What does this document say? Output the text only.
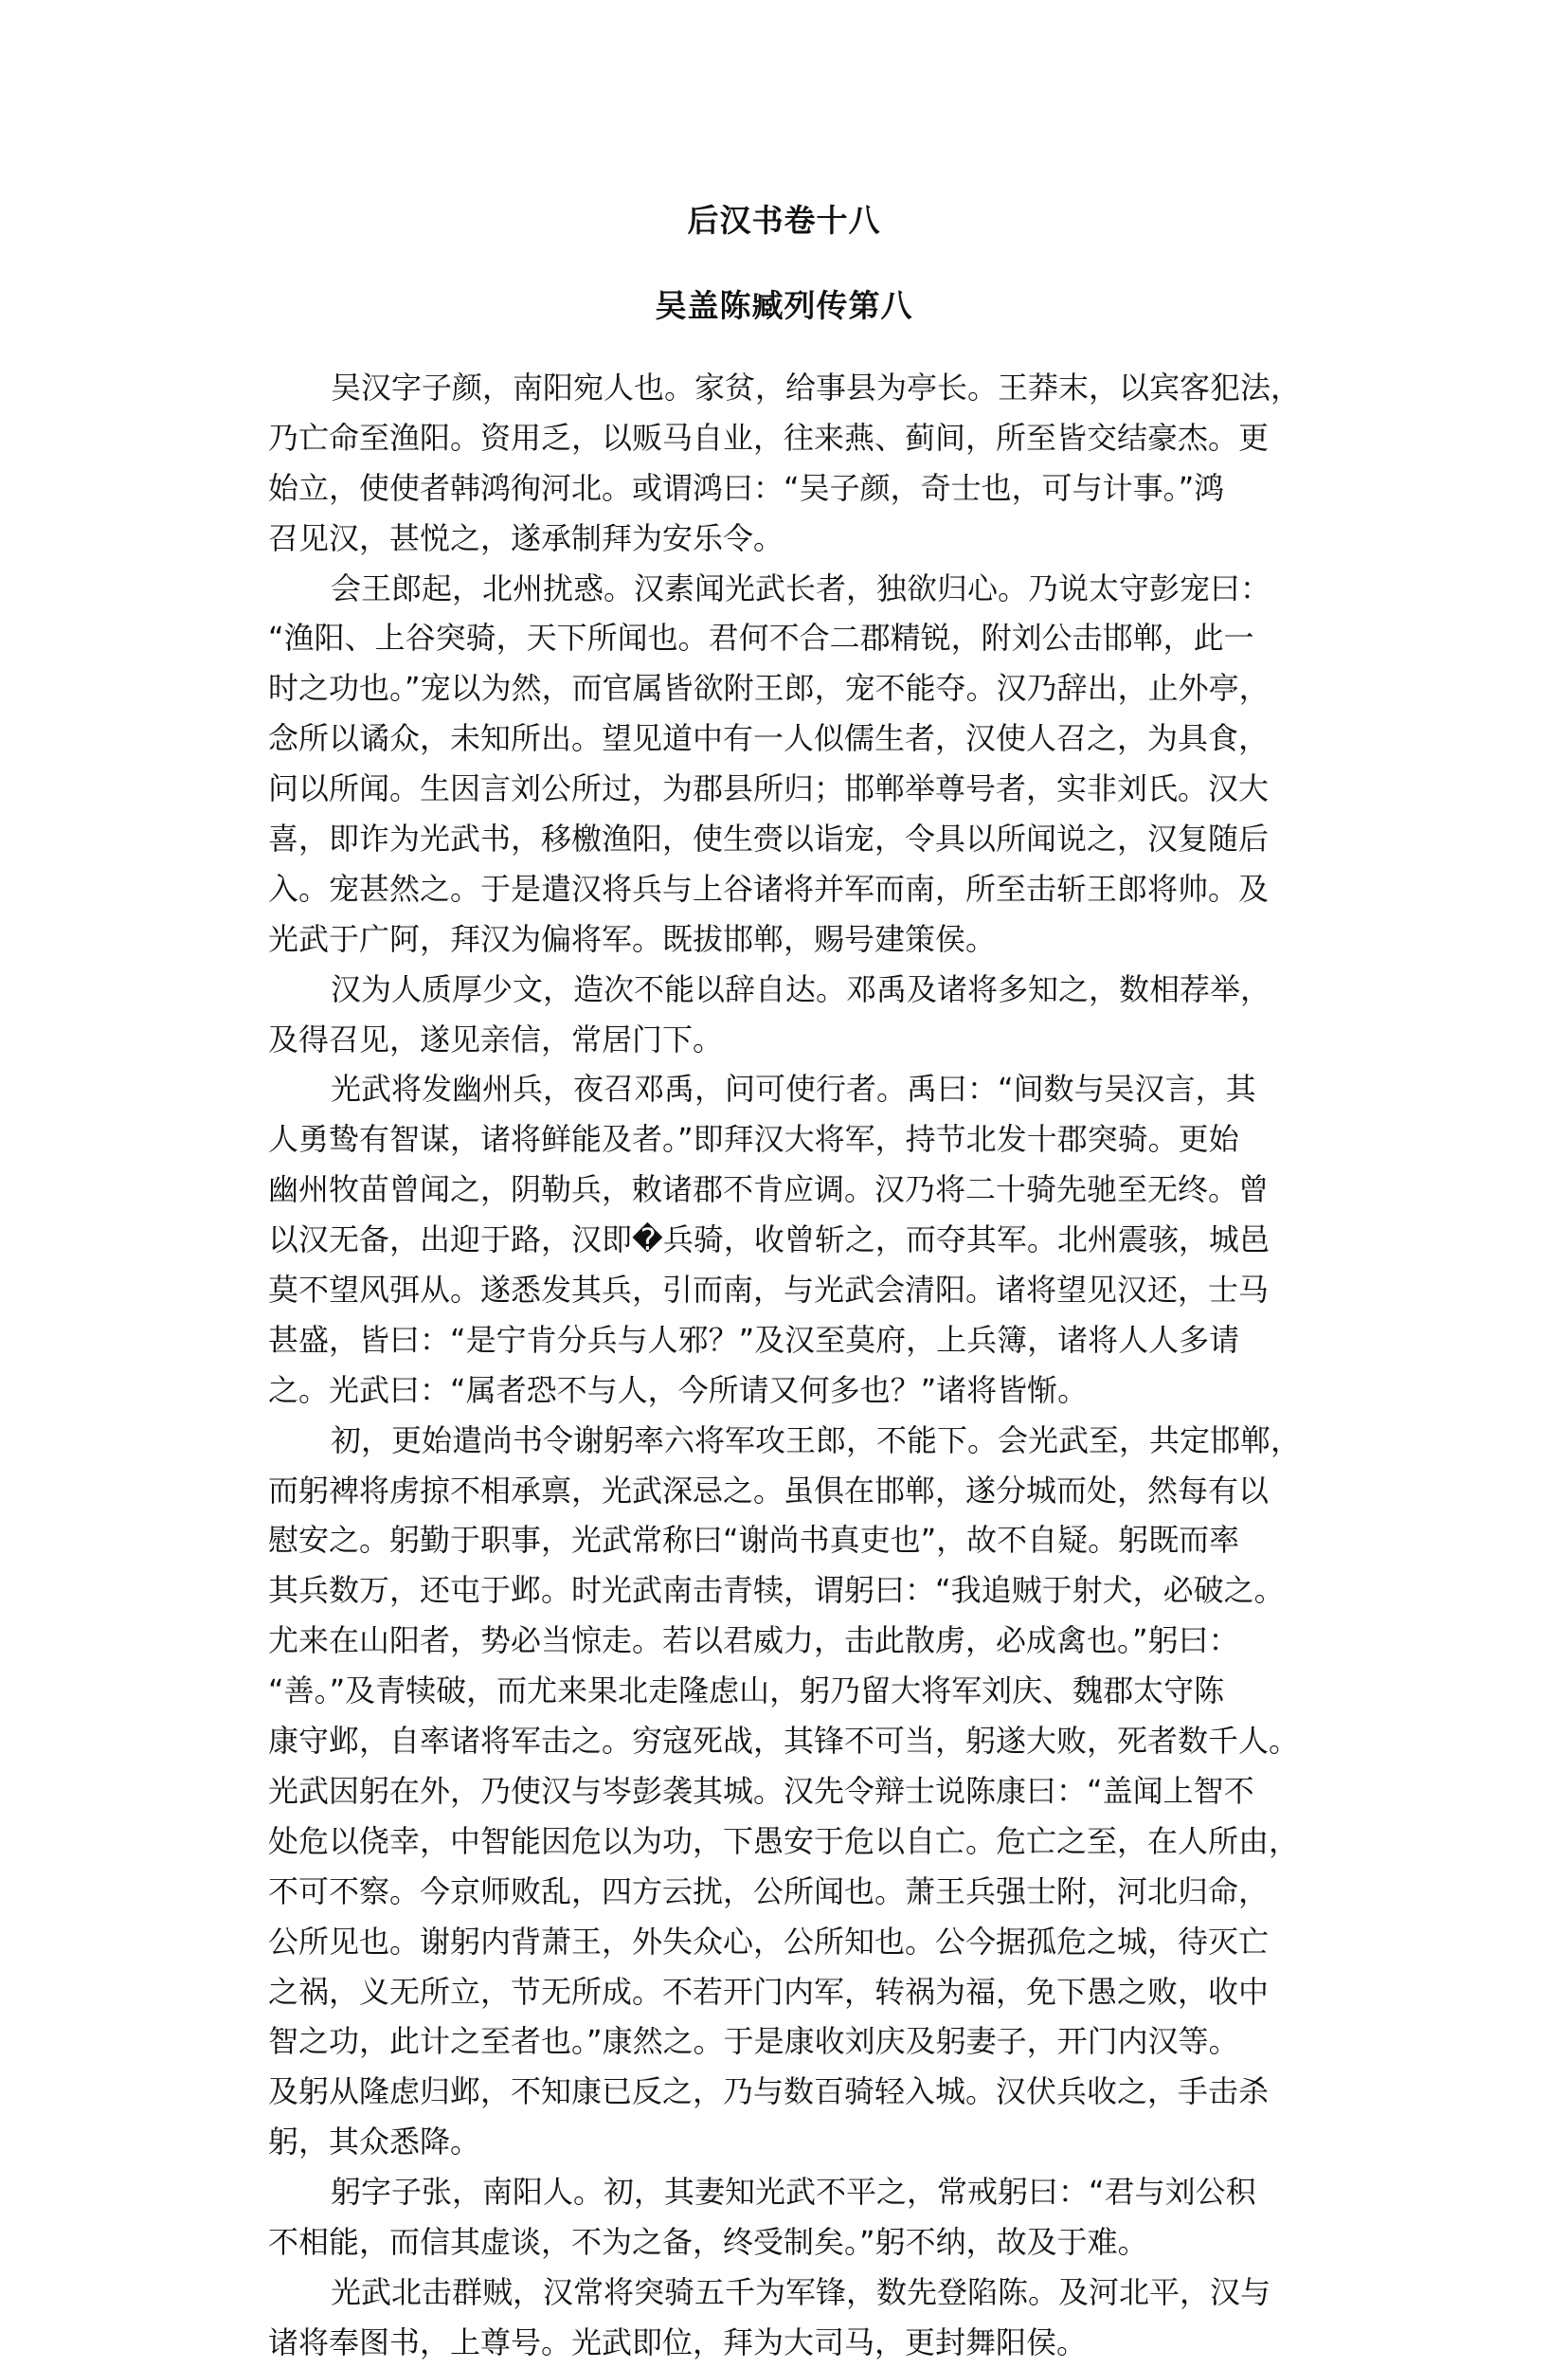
后汉书卷十八
吴盖陈臧列传第八
吴汉字子颜，南阳宛人也。家贫，给事县为亭长。王莽末，以宾客犯法，
乃亡命至渔阳。资用乏，以贩马自业，往来燕、蓟间，所至皆交结豪杰。更
始立，使使者韩鸿徇河北。或谓鸿曰：“吴子颜，奇士也，可与计事。”鸿
召见汉，甚悦之，遂承制拜为安乐令。
会王郎起，北州扰惑。汉素闻光武长者，独欲归心。乃说太守彭宠曰：
“渔阳、上谷突骑，天下所闻也。君何不合二郡精锐，附刘公击邯郸，此一
时之功也。”宠以为然，而官属皆欲附王郎，宠不能夺。汉乃辞出，止外亭，
念所以谲众，未知所出。望见道中有一人似儒生者，汉使人召之，为具食，
问以所闻。生因言刘公所过，为郡县所归；邯郸举尊号者，实非刘氏。汉大
喜，即诈为光武书，移檄渔阳，使生赍以诣宠，令具以所闻说之，汉复随后
入。宠甚然之。于是遣汉将兵与上谷诸将并军而南，所至击斩王郎将帅。及
光武于广阿，拜汉为偏将军。既拔邯郸，赐号建策侯。
汉为人质厚少文，造次不能以辞自达。邓禹及诸将多知之，数相荐举，
及得召见，遂见亲信，常居门下。
光武将发幽州兵，夜召邓禹，问可使行者。禹曰：“间数与吴汉言，其
人勇鸷有智谋，诸将鲜能及者。”即拜汉大将军，持节北发十郡突骑。更始
幽州牧苗曾闻之，阴勒兵，敕诸郡不肯应调。汉乃将二十骑先驰至无终。曾
以汉无备，出迎于路，汉即�兵骑，收曾斩之，而夺其军。北州震骇，城邑
莫不望风弭从。遂悉发其兵，引而南，与光武会清阳。诸将望见汉还，士马
甚盛，皆曰：“是宁肯分兵与人邪？”及汉至莫府，上兵簿，诸将人人多请
之。光武曰：“属者恐不与人，今所请又何多也？”诸将皆惭。
初，更始遣尚书令谢躬率六将军攻王郎，不能下。会光武至，共定邯郸，
而躬裨将虏掠不相承禀，光武深忌之。虽俱在邯郸，遂分城而处，然每有以
慰安之。躬勤于职事，光武常称曰“谢尚书真吏也”，故不自疑。躬既而率
其兵数万，还屯于邺。时光武南击青犊，谓躬曰：“我追贼于射犬，必破之。
尤来在山阳者，势必当惊走。若以君威力，击此散虏，必成禽也。”躬曰：
“善。”及青犊破，而尤来果北走隆虑山，躬乃留大将军刘庆、魏郡太守陈
康守邺，自率诸将军击之。穷寇死战，其锋不可当，躬遂大败，死者数千人。
光武因躬在外，乃使汉与岑彭袭其城。汉先令辩士说陈康曰：“盖闻上智不
处危以侥幸，中智能因危以为功，下愚安于危以自亡。危亡之至，在人所由，
不可不察。今京师败乱，四方云扰，公所闻也。萧王兵强士附，河北归命，
公所见也。谢躬内背萧王，外失众心，公所知也。公今据孤危之城，待灭亡
之祸，义无所立，节无所成。不若开门内军，转祸为福，免下愚之败，收中
智之功，此计之至者也。”康然之。于是康收刘庆及躬妻子，开门内汉等。
及躬从隆虑归邺，不知康已反之，乃与数百骑轻入城。汉伏兵收之，手击杀
躬，其众悉降。
躬字子张，南阳人。初，其妻知光武不平之，常戒躬曰：“君与刘公积
不相能，而信其虚谈，不为之备，终受制矣。”躬不纳，故及于难。
光武北击群贼，汉常将突骑五千为军锋，数先登陷陈。及河北平，汉与
诸将奉图书，上尊号。光武即位，拜为大司马，更封舞阳侯。
